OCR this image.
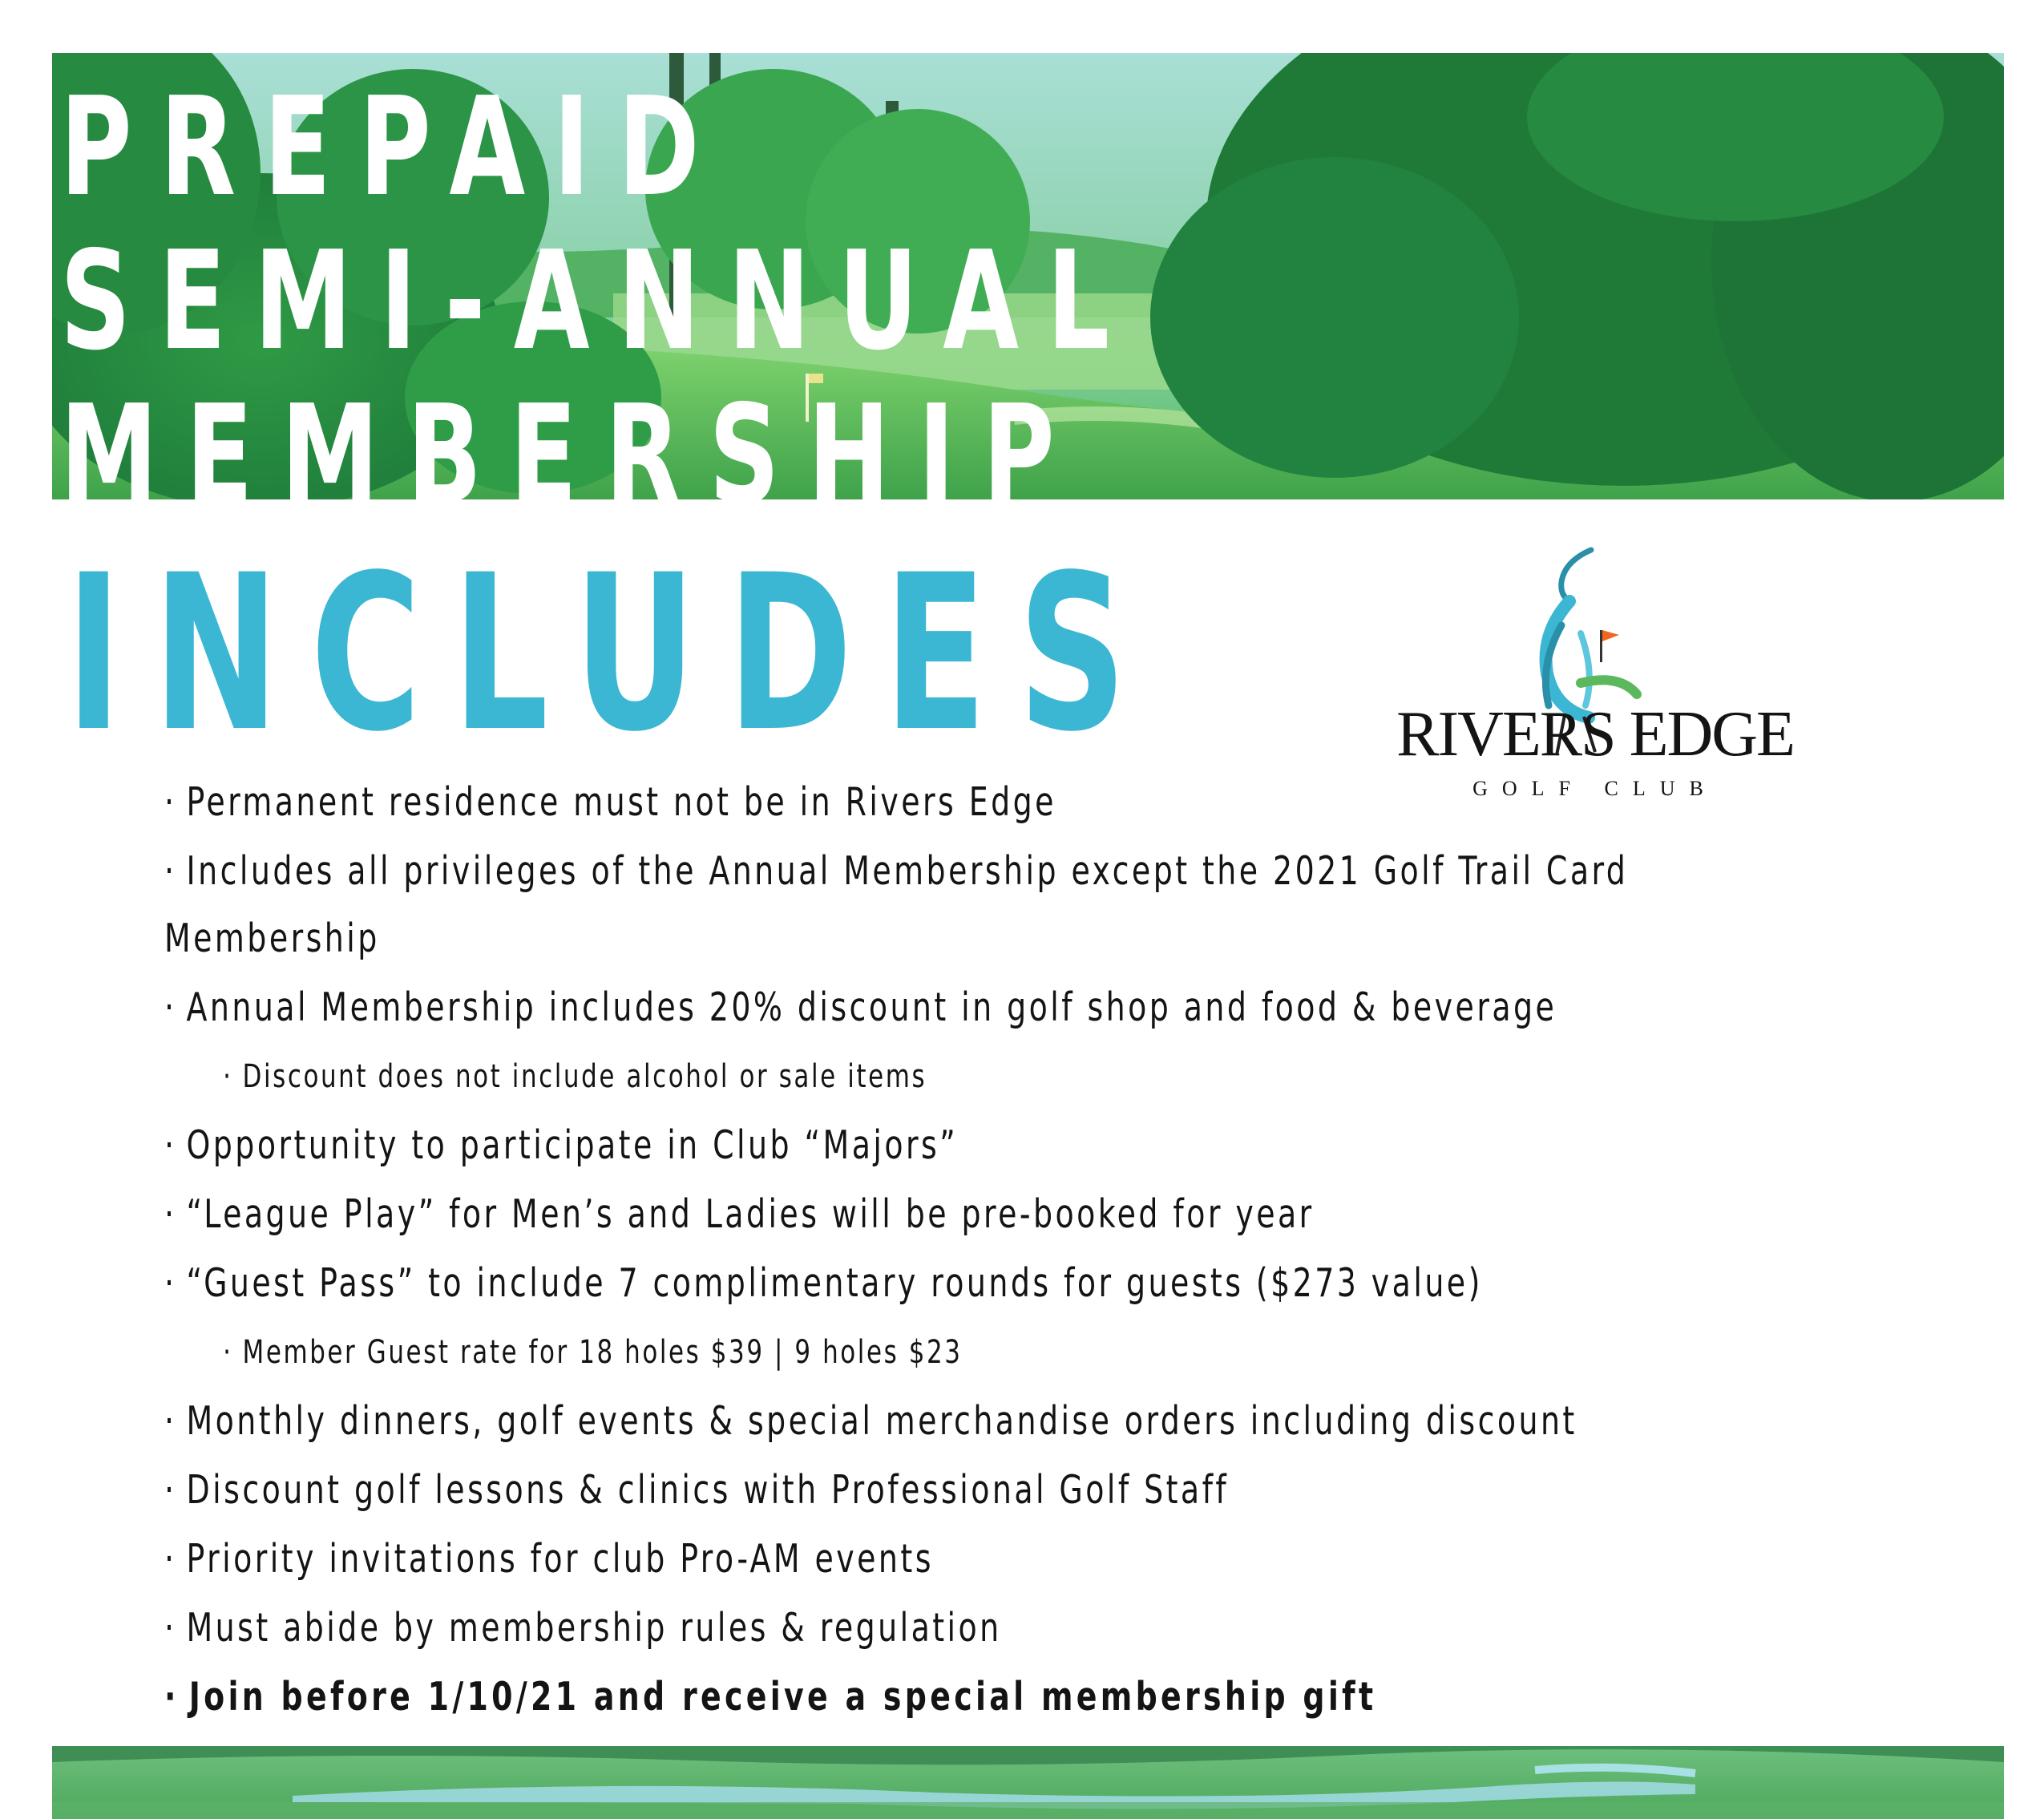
PREPAID
SEMI-ANNUAL
MEMBERSHIP
INCLUDES	RIVERS EDGE
GOLF CLUB
· Permanent residence must not be in Rivers Edge
· Includes all privileges of the Annual Membership except the 2021 Golf Trail Card
Membership
· Annual Membership includes 20% discount in golf shop and food & beverage
· Discount does not include alcohol or sale items
· Opportunity to participate in Club “Majors”
· “League Play” for Men’s and Ladies will be pre-booked for year
· “Guest Pass” to include 7 complimentary rounds for guests ($273 value)
· Member Guest rate for 18 holes $39 | 9 holes $23
· Monthly dinners, golf events & special merchandise orders including discount
· Discount golf lessons & clinics with Professional Golf Staff
· Priority invitations for club Pro-AM events
· Must abide by membership rules & regulation
· Join before 1/10/21 and receive a special membership gift
